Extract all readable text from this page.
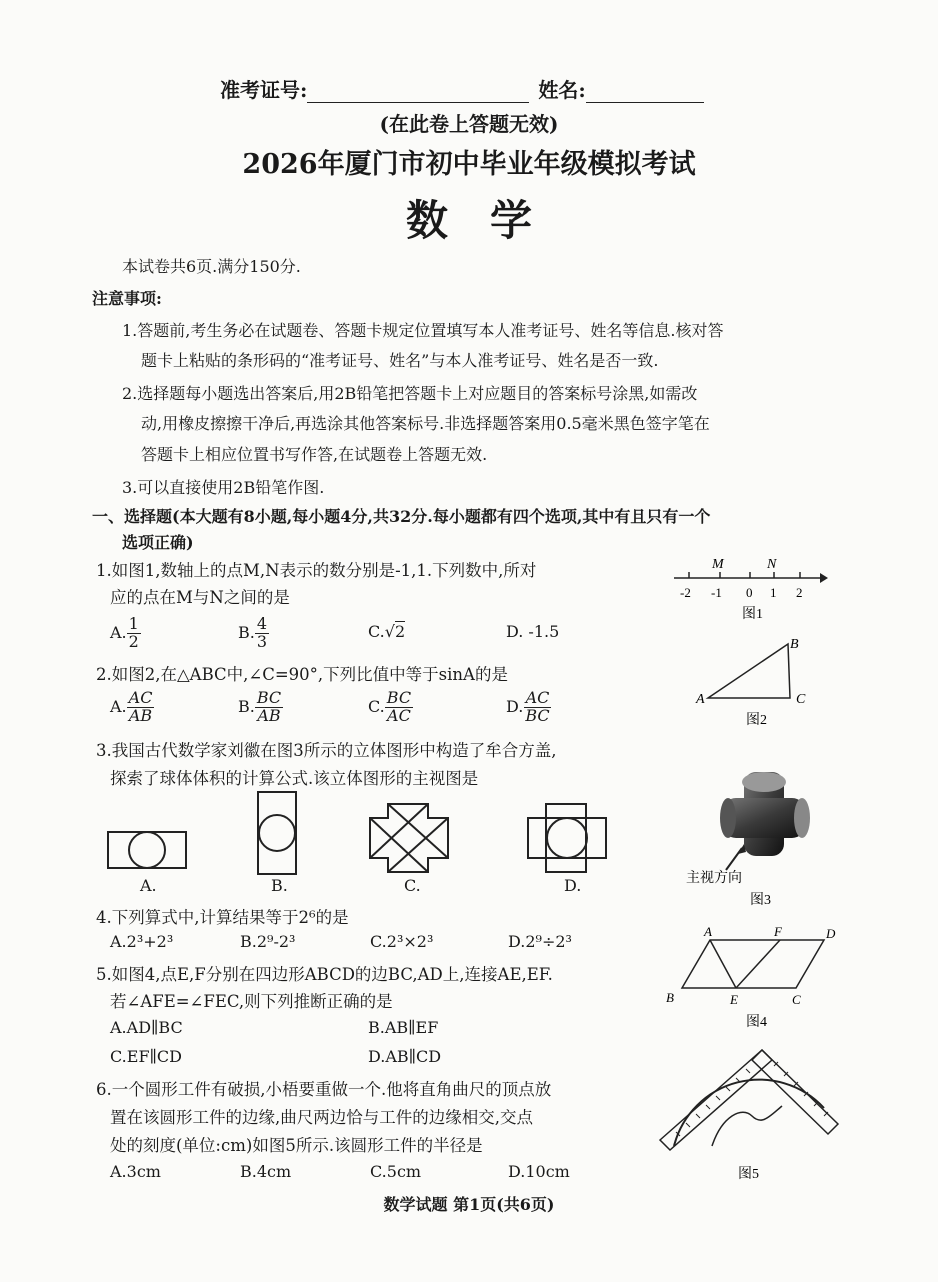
准考证号:	姓名:
(在此卷上答题无效)
2026年厦门市初中毕业年级模拟考试
数学
本试卷共6页.满分150分.
注意事项:
1.答题前,考生务必在试题卷、答题卡规定位置填写本人准考证号、姓名等信息.核对答
题卡上粘贴的条形码的“准考证号、姓名”与本人准考证号、姓名是否一致.
2.选择题每小题选出答案后,用2B铅笔把答题卡上对应题目的答案标号涂黑,如需改
动,用橡皮擦擦干净后,再选涂其他答案标号.非选择题答案用0.5毫米黑色签字笔在
答题卡上相应位置书写作答,在试题卷上答题无效.
3.可以直接使用2B铅笔作图.
一、选择题(本大题有8小题,每小题4分,共32分.每小题都有四个选项,其中有且只有一个
选项正确)
1.如图1,数轴上的点M,N表示的数分别是-1,1.下列数中,所对
应的点在M与N之间的是
A. $\frac{1}{2}$	B. $\frac{4}{3}$	C.√2	D. -1.5
M	N
-2 -1 0 1 2
图1
2.如图2,在△ABC中,∠C=90°,下列比值中等于sinA的是
A. $\frac{AC}{AB}$	B. $\frac{BC}{AB}$	C. $\frac{BC}{AC}$	D. $\frac{AC}{BC}$	A
B
C
图2
3.我国古代数学家刘徽在图3所示的立体图形中构造了牟合方盖,
探索了球体体积的计算公式.该立体图形的主视图是
A.	B.	C.	D.	主视方向
图3
4.下列算式中,计算结果等于2⁶的是
A.2³+2³	B.2⁹-2³	C.2³×2³	D.2⁹÷2³
A	F	D
B	E	C
图4
5.如图4,点E,F分别在四边形ABCD的边BC,AD上,连接AE,EF.
若∠AFE=∠FEC,则下列推断正确的是
A.AD∥BC	B.AB∥EF
C.EF∥CD	D.AB∥CD
6.一个圆形工件有破损,小梧要重做一个.他将直角曲尺的顶点放
置在该圆形工件的边缘,曲尺两边恰与工件的边缘相交,交点
处的刻度(单位:cm)如图5所示.该圆形工件的半径是
A.3cm	B.4cm	C.5cm	D.10cm	图5
数学试题 第1页(共6页)
